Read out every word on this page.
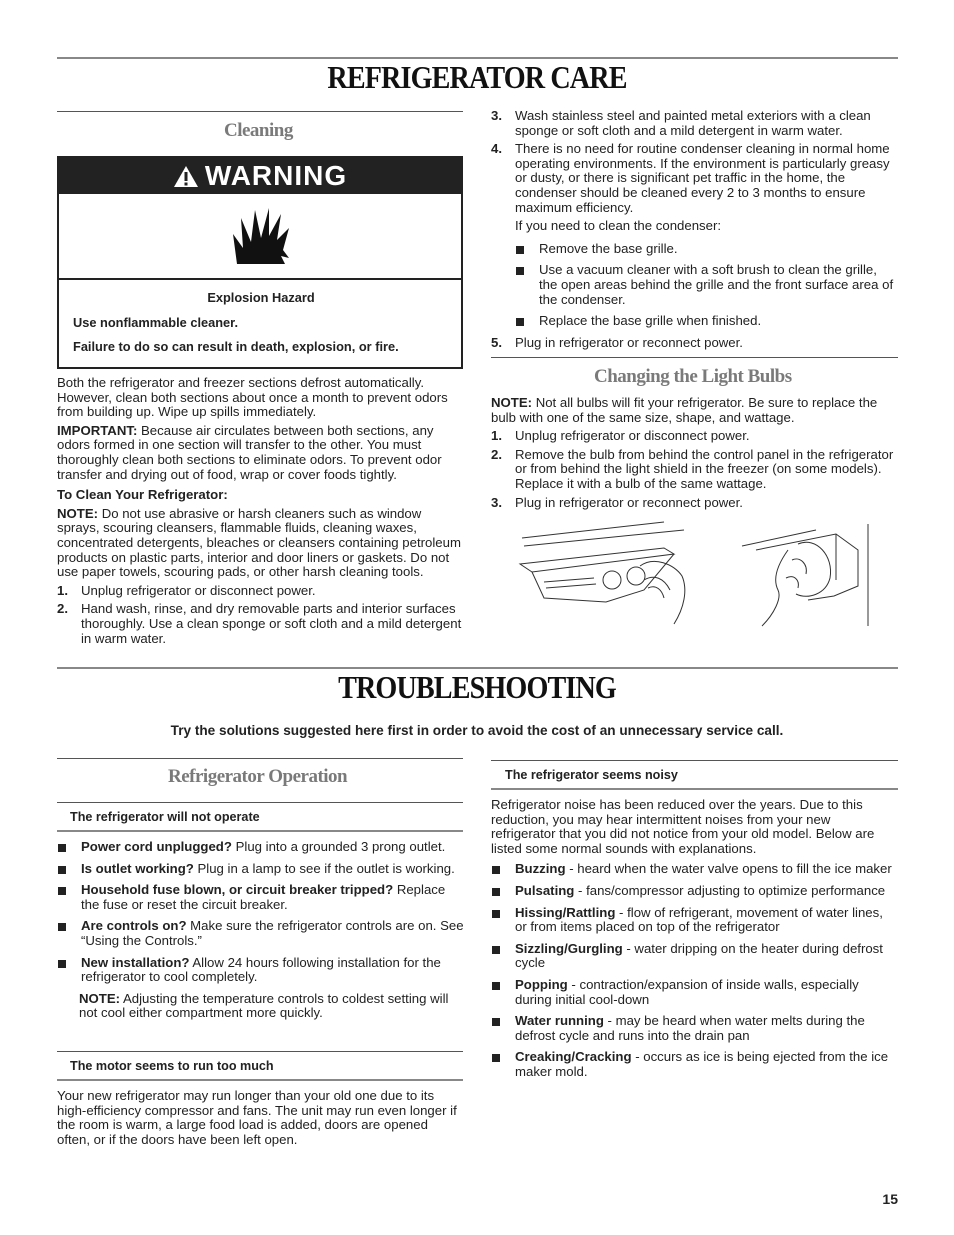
REFRIGERATOR CARE
Cleaning
WARNING
Explosion Hazard
Use nonflammable cleaner.
Failure to do so can result in death, explosion, or fire.

Both the refrigerator and freezer sections defrost automatically. However, clean both sections about once a month to prevent odors from building up. Wipe up spills immediately.

IMPORTANT: Because air circulates between both sections, any odors formed in one section will transfer to the other. You must thoroughly clean both sections to eliminate odors. To prevent odor transfer and drying out of food, wrap or cover foods tightly.

To Clean Your Refrigerator:

NOTE: Do not use abrasive or harsh cleaners such as window sprays, scouring cleansers, flammable fluids, cleaning waxes, concentrated detergents, bleaches or cleansers containing petroleum products on plastic parts, interior and door liners or gaskets. Do not use paper towels, scouring pads, or other harsh cleaning tools.

1. Unplug refrigerator or disconnect power.
2. Hand wash, rinse, and dry removable parts and interior surfaces thoroughly. Use a clean sponge or soft cloth and a mild detergent in warm water.
3. Wash stainless steel and painted metal exteriors with a clean sponge or soft cloth and a mild detergent in warm water.
4. There is no need for routine condenser cleaning in normal home operating environments. If the environment is particularly greasy or dusty, or there is significant pet traffic in the home, the condenser should be cleaned every 2 to 3 months to ensure maximum efficiency.

If you need to clean the condenser:

Remove the base grille.
Use a vacuum cleaner with a soft brush to clean the grille, the open areas behind the grille and the front surface area of the condenser.
Replace the base grille when finished.
5. Plug in refrigerator or reconnect power.
Changing the Light Bulbs

NOTE: Not all bulbs will fit your refrigerator. Be sure to replace the bulb with one of the same size, shape, and wattage.

1. Unplug refrigerator or disconnect power.
2. Remove the bulb from behind the control panel in the refrigerator or from behind the light shield in the freezer (on some models). Replace it with a bulb of the same wattage.
3. Plug in refrigerator or reconnect power.
TROUBLESHOOTING
Try the solutions suggested here first in order to avoid the cost of an unnecessary service call.
Refrigerator Operation
The refrigerator will not operate
Power cord unplugged? Plug into a grounded 3 prong outlet.
Is outlet working? Plug in a lamp to see if the outlet is working.
Household fuse blown, or circuit breaker tripped? Replace the fuse or reset the circuit breaker.
Are controls on? Make sure the refrigerator controls are on. See “Using the Controls.”
New installation? Allow 24 hours following installation for the refrigerator to cool completely.

NOTE: Adjusting the temperature controls to coldest setting will not cool either compartment more quickly.

The motor seems to run too much
Your new refrigerator may run longer than your old one due to its high-efficiency compressor and fans. The unit may run even longer if the room is warm, a large food load is added, doors are opened often, or if the doors have been left open.
The refrigerator seems noisy

Refrigerator noise has been reduced over the years. Due to this reduction, you may hear intermittent noises from your new refrigerator that you did not notice from your old model. Below are listed some normal sounds with explanations.

Buzzing - heard when the water valve opens to fill the ice maker
Pulsating - fans/compressor adjusting to optimize performance
Hissing/Rattling - flow of refrigerant, movement of water lines, or from items placed on top of the refrigerator
Sizzling/Gurgling - water dripping on the heater during defrost cycle
Popping - contraction/expansion of inside walls, especially during initial cool-down
Water running - may be heard when water melts during the defrost cycle and runs into the drain pan
Creaking/Cracking - occurs as ice is being ejected from the ice maker mold.
15
